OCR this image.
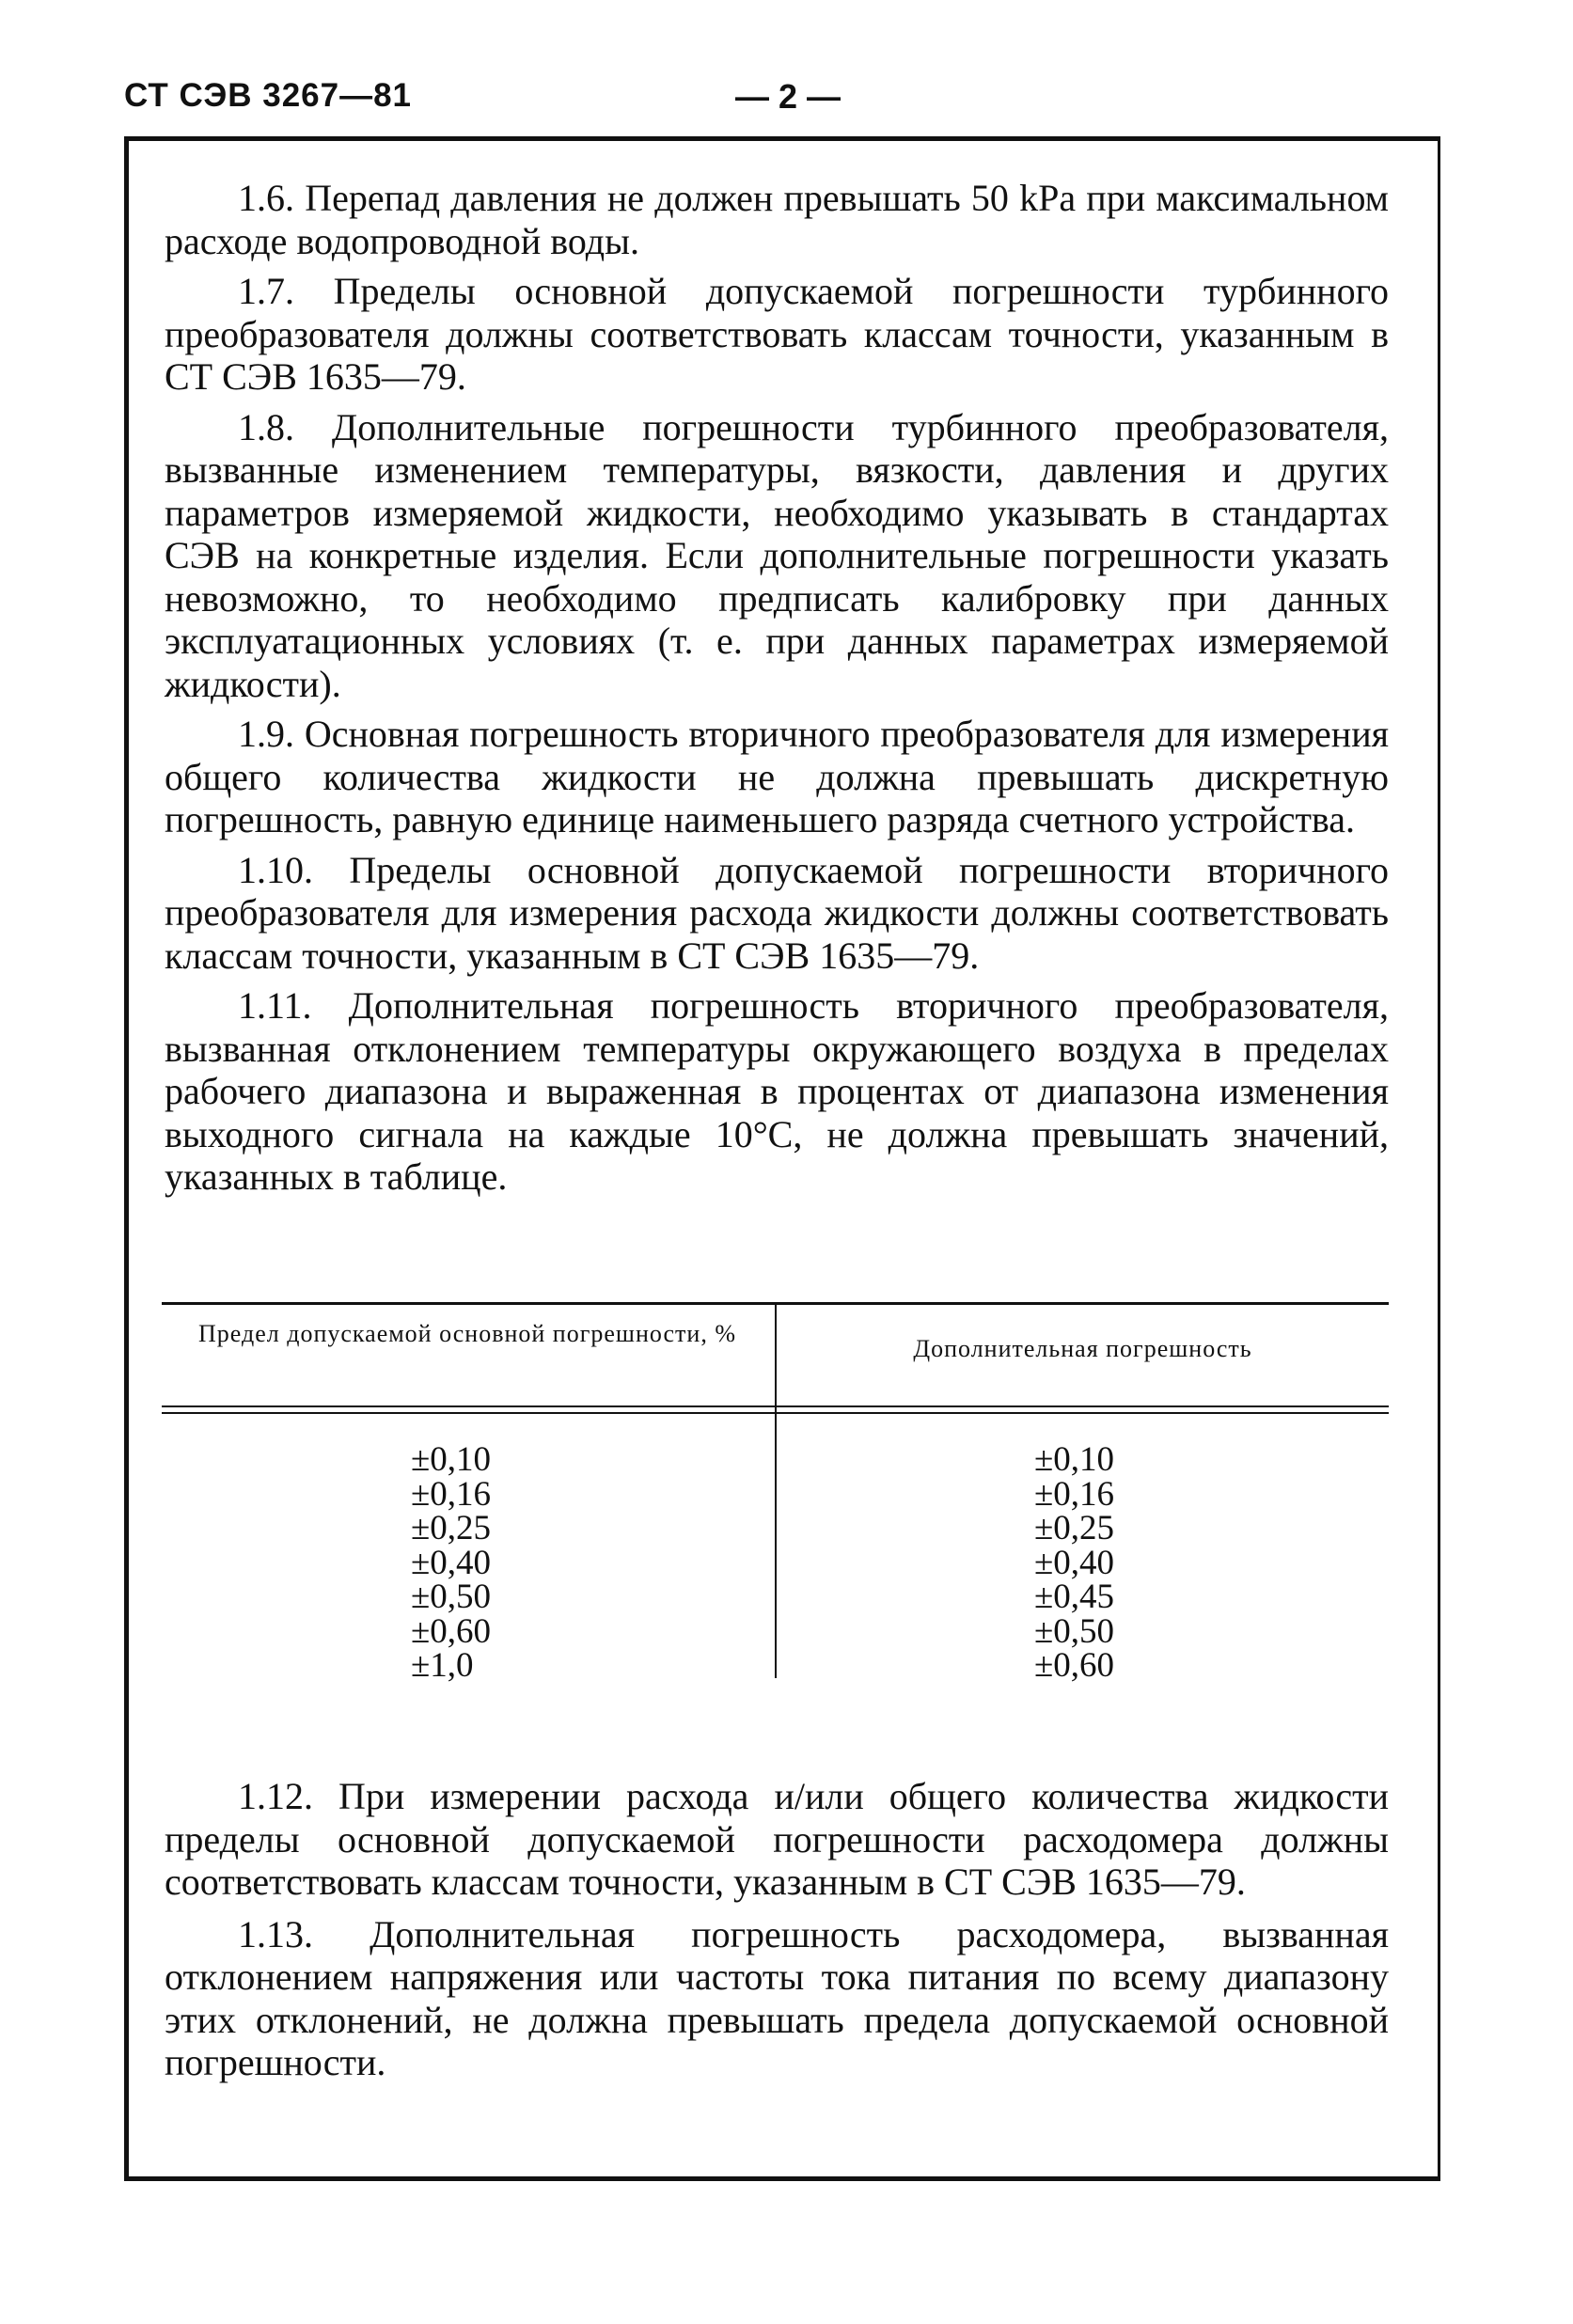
СТ СЭВ 3267—81	— 2 —

1.6. Перепад давления не должен превышать 50 kPa при максимальном расходе водопроводной воды.

1.7. Пределы основной допускаемой погрешности турбинного преобразователя должны соответствовать классам точности, указанным в СТ СЭВ 1635—79.

1.8. Дополнительные погрешности турбинного преобразователя, вызванные изменением температуры, вязкости, давления и других параметров измеряемой жидкости, необходимо указывать в стандартах СЭВ на конкретные изделия. Если дополнительные погрешности указать невозможно, то необходимо предписать калибровку при данных эксплуатационных условиях (т. е. при данных параметрах измеряемой жидкости).

1.9. Основная погрешность вторичного преобразователя для измерения общего количества жидкости не должна превышать дискретную погрешность, равную единице наименьшего разряда счетного устройства.

1.10. Пределы основной допускаемой погрешности вторичного преобразователя для измерения расхода жидкости должны соответствовать классам точности, указанным в СТ СЭВ 1635—79.

1.11. Дополнительная погрешность вторичного преобразователя, вызванная отклонением температуры окружающего воздуха в пределах рабочего диапазона и выраженная в процентах от диапазона изменения выходного сигнала на каждые 10°С, не должна превышать значений, указанных в таблице.

Предел допускаемой основной погрешности, %
Дополнительная погрешность
±0,10
±0,16
±0,25
±0,40
±0,50
±0,60
±1,0
±0,10
±0,16
±0,25
±0,40
±0,45
±0,50
±0,60

1.12. При измерении расхода и/или общего количества жидкости пределы основной допускаемой погрешности расходомера должны соответствовать классам точности, указанным в СТ СЭВ 1635—79.

1.13. Дополнительная погрешность расходомера, вызванная отклонением напряжения или частоты тока питания по всему диапазону этих отклонений, не должна превышать предела допускаемой основной погрешности.
